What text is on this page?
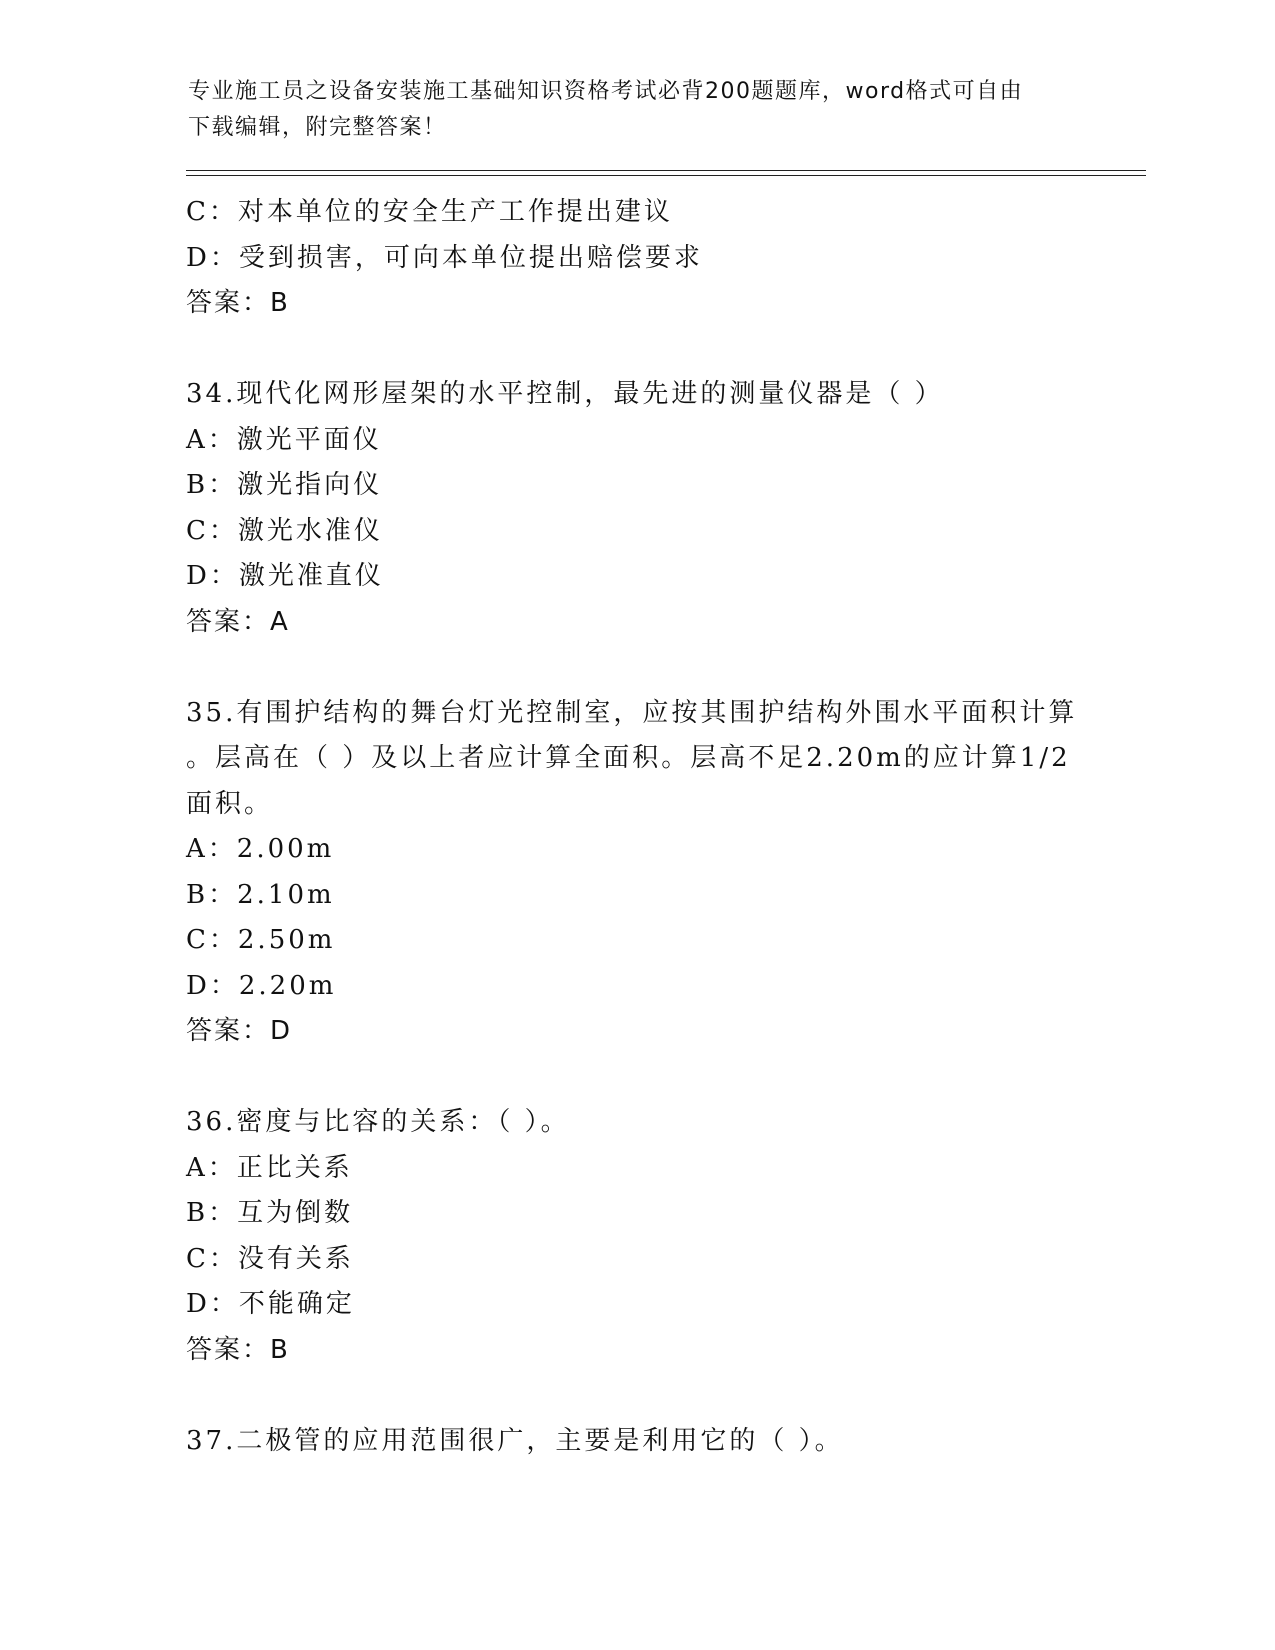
专业施工员之设备安装施工基础知识资格考试必背200题题库，word格式可自由
下载编辑，附完整答案！
C：对本单位的安全生产工作提出建议
D：受到损害，可向本单位提出赔偿要求
答案：B
34.现代化网形屋架的水平控制，最先进的测量仪器是（ ）
A：激光平面仪
B：激光指向仪
C：激光水准仪
D：激光准直仪
答案：A
35.有围护结构的舞台灯光控制室，应按其围护结构外围水平面积计算
。层高在（ ）及以上者应计算全面积。层高不足2.20m的应计算1/2
面积。
A：2.00m
B：2.10m
C：2.50m
D：2.20m
答案：D
36.密度与比容的关系：（ ）。
A：正比关系
B：互为倒数
C：没有关系
D：不能确定
答案：B
37.二极管的应用范围很广，主要是利用它的（ ）。
